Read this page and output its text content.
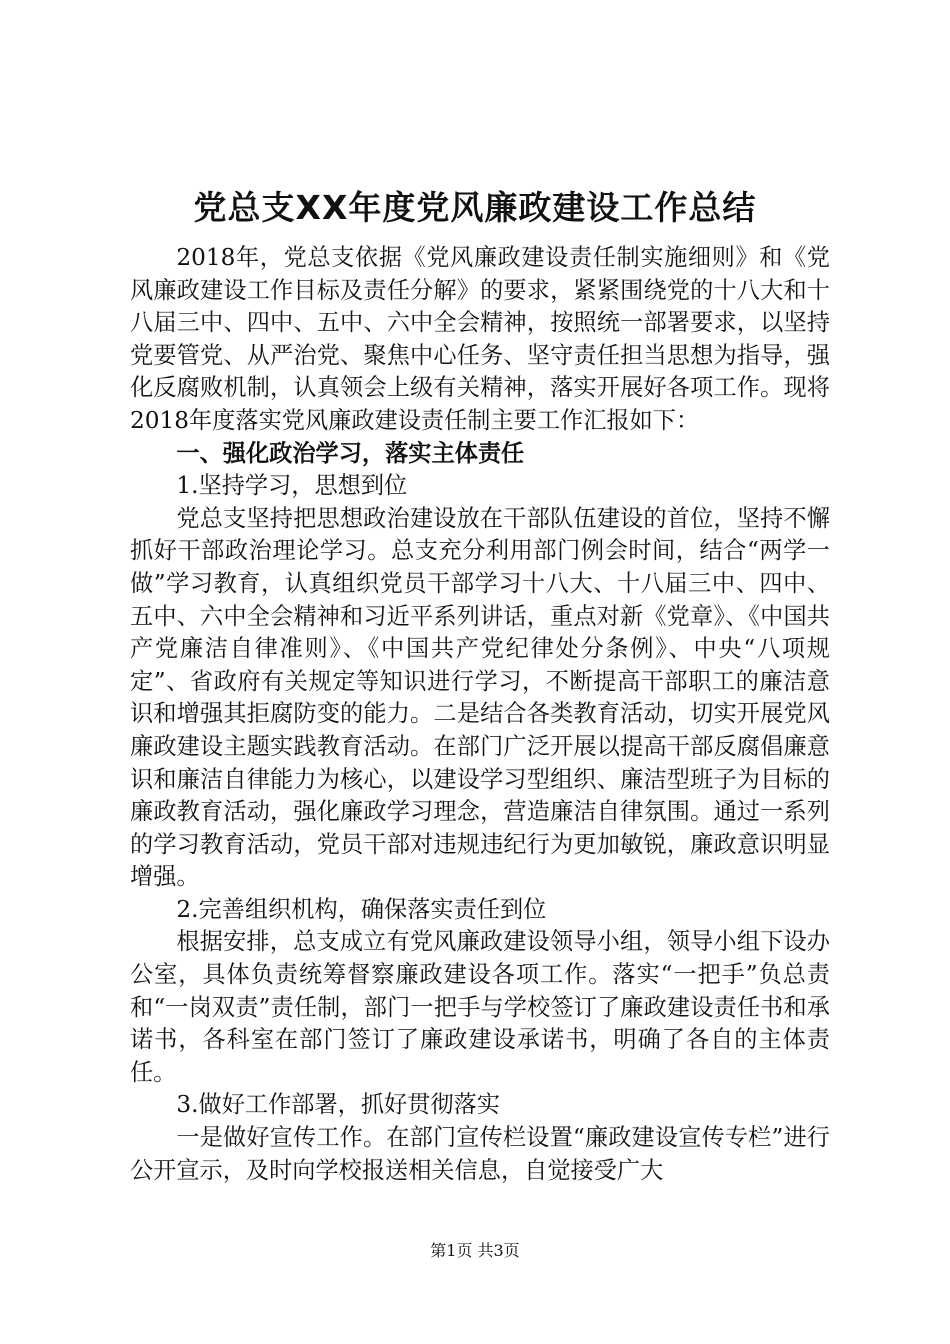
党总支XX年度党风廉政建设工作总结

2018年，党总支依据《党风廉政建设责任制实施细则》和《党风廉政建设工作目标及责任分解》的要求，紧紧围绕党的十八大和十八届三中、四中、五中、六中全会精神，按照统一部署要求，以坚持党要管党、从严治党、聚焦中心任务、坚守责任担当思想为指导，强化反腐败机制，认真领会上级有关精神，落实开展好各项工作。现将2018年度落实党风廉政建设责任制主要工作汇报如下：

一、强化政治学习，落实主体责任

1.坚持学习，思想到位

党总支坚持把思想政治建设放在干部队伍建设的首位，坚持不懈抓好干部政治理论学习。总支充分利用部门例会时间，结合“两学一做”学习教育，认真组织党员干部学习十八大、十八届三中、四中、五中、六中全会精神和习近平系列讲话，重点对新《党章》、《中国共产党廉洁自律准则》、《中国共产党纪律处分条例》、中央“八项规定”、省政府有关规定等知识进行学习，不断提高干部职工的廉洁意识和增强其拒腐防变的能力。二是结合各类教育活动，切实开展党风廉政建设主题实践教育活动。在部门广泛开展以提高干部反腐倡廉意识和廉洁自律能力为核心，以建设学习型组织、廉洁型班子为目标的廉政教育活动，强化廉政学习理念，营造廉洁自律氛围。通过一系列的学习教育活动，党员干部对违规违纪行为更加敏锐，廉政意识明显增强。

2.完善组织机构，确保落实责任到位

根据安排，总支成立有党风廉政建设领导小组，领导小组下设办公室，具体负责统筹督察廉政建设各项工作。落实“一把手”负总责和“一岗双责”责任制，部门一把手与学校签订了廉政建设责任书和承诺书，各科室在部门签订了廉政建设承诺书，明确了各自的主体责任。

3.做好工作部署，抓好贯彻落实

一是做好宣传工作。在部门宣传栏设置“廉政建设宣传专栏”进行公开宣示，及时向学校报送相关信息，自觉接受广大

第1页 共3页
